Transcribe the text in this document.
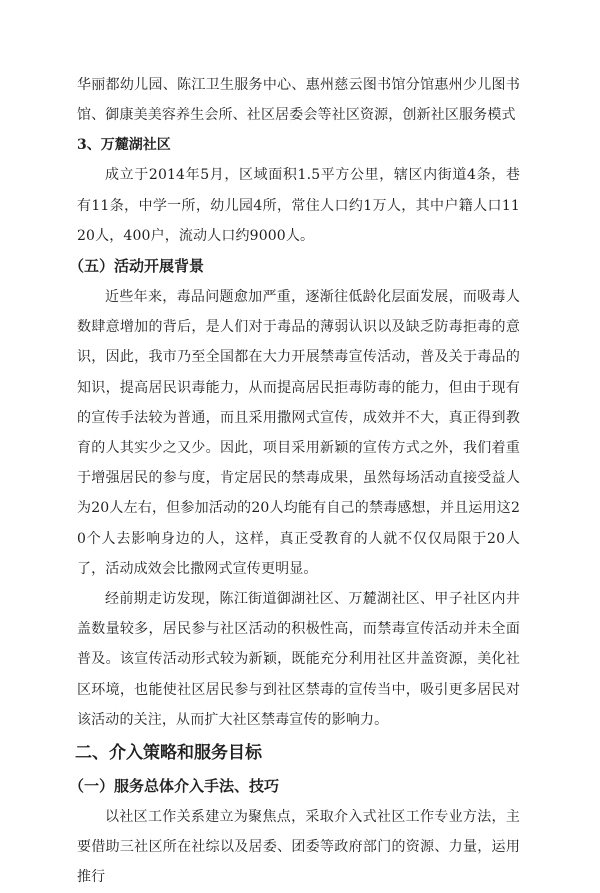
华丽都幼儿园、陈江卫生服务中心、惠州慈云图书馆分馆惠州少儿图书馆、御康美美容养生会所、社区居委会等社区资源，创新社区服务模式

3、万麓湖社区

成立于2014年5月，区域面积1.5平方公里，辖区内街道4条，巷有11条，中学一所，幼儿园4所，常住人口约1万人，其中户籍人口1120人，400户，流动人口约9000人。

（五）活动开展背景

近些年来，毒品问题愈加严重，逐渐往低龄化层面发展，而吸毒人数肆意增加的背后，是人们对于毒品的薄弱认识以及缺乏防毒拒毒的意识，因此，我市乃至全国都在大力开展禁毒宣传活动，普及关于毒品的知识，提高居民识毒能力，从而提高居民拒毒防毒的能力，但由于现有的宣传手法较为普通，而且采用撒网式宣传，成效并不大，真正得到教育的人其实少之又少。因此，项目采用新颖的宣传方式之外，我们着重于增强居民的参与度，肯定居民的禁毒成果，虽然每场活动直接受益人为20人左右，但参加活动的20人均能有自己的禁毒感想，并且运用这20个人去影响身边的人，这样，真正受教育的人就不仅仅局限于20人了，活动成效会比撒网式宣传更明显。

经前期走访发现，陈江街道御湖社区、万麓湖社区、甲子社区内井盖数量较多，居民参与社区活动的积极性高，而禁毒宣传活动并未全面普及。该宣传活动形式较为新颖，既能充分利用社区井盖资源，美化社区环境，也能使社区居民参与到社区禁毒的宣传当中，吸引更多居民对该活动的关注，从而扩大社区禁毒宣传的影响力。

二、介入策略和服务目标

（一）服务总体介入手法、技巧

以社区工作关系建立为聚焦点，采取介入式社区工作专业方法，主要借助三社区所在社综以及居委、团委等政府部门的资源、力量，运用推行
